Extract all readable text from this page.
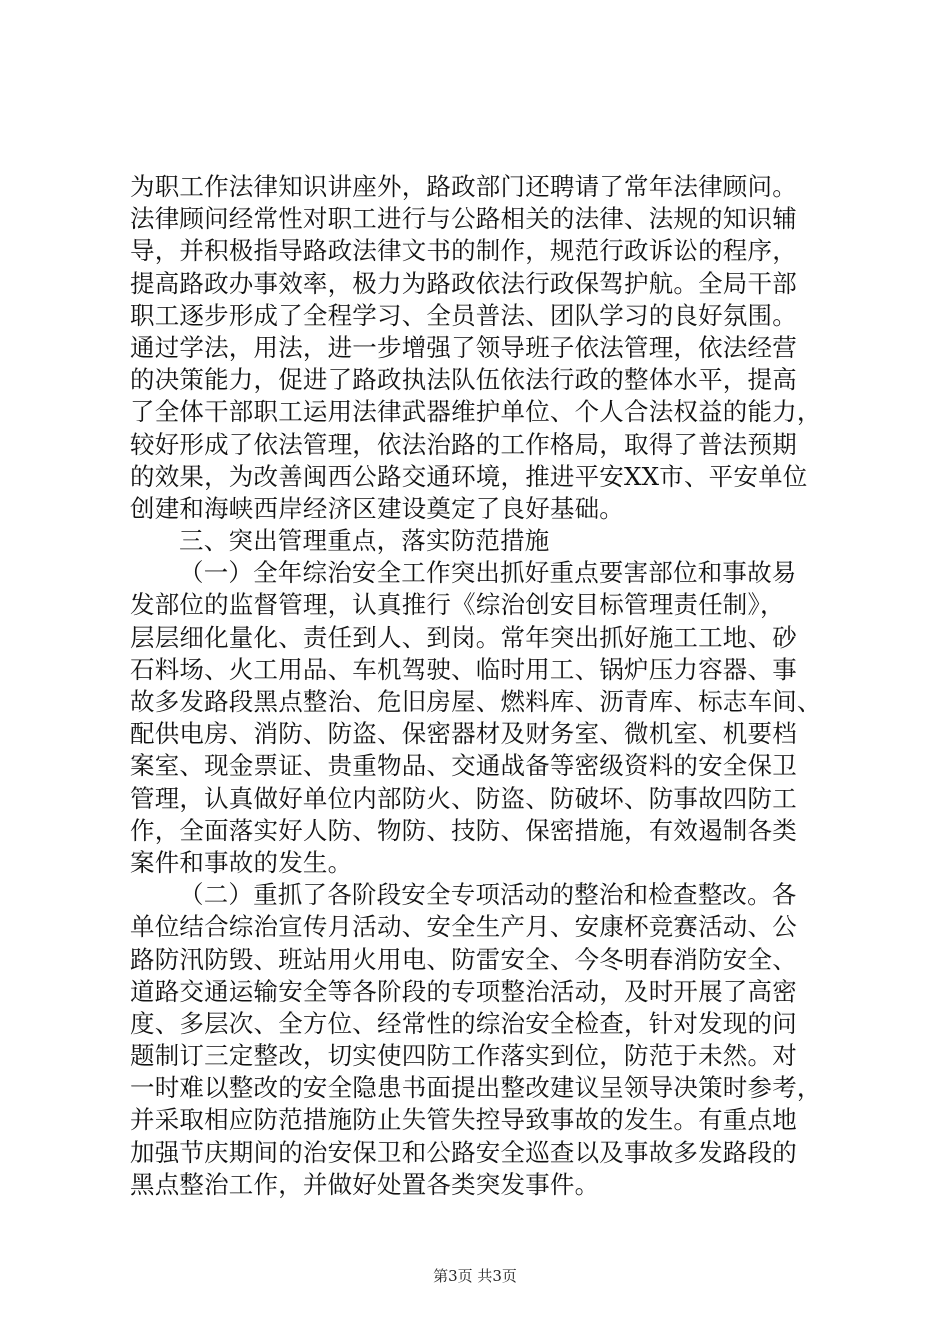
为职工作法律知识讲座外，路政部门还聘请了常年法律顾问。
法律顾问经常性对职工进行与公路相关的法律、法规的知识辅
导，并积极指导路政法律文书的制作，规范行政诉讼的程序，
提高路政办事效率，极力为路政依法行政保驾护航。全局干部
职工逐步形成了全程学习、全员普法、团队学习的良好氛围。
通过学法，用法，进一步增强了领导班子依法管理，依法经营
的决策能力，促进了路政执法队伍依法行政的整体水平，提高
了全体干部职工运用法律武器维护单位、个人合法权益的能力，
较好形成了依法管理，依法治路的工作格局，取得了普法预期
的效果，为改善闽西公路交通环境，推进平安XX市、平安单位
创建和海峡西岸经济区建设奠定了良好基础。
三、突出管理重点，落实防范措施
（一）全年综治安全工作突出抓好重点要害部位和事故易
发部位的监督管理，认真推行《综治创安目标管理责任制》，
层层细化量化、责任到人、到岗。常年突出抓好施工工地、砂
石料场、火工用品、车机驾驶、临时用工、锅炉压力容器、事
故多发路段黑点整治、危旧房屋、燃料库、沥青库、标志车间、
配供电房、消防、防盗、保密器材及财务室、微机室、机要档
案室、现金票证、贵重物品、交通战备等密级资料的安全保卫
管理，认真做好单位内部防火、防盗、防破坏、防事故四防工
作，全面落实好人防、物防、技防、保密措施，有效遏制各类
案件和事故的发生。
（二）重抓了各阶段安全专项活动的整治和检查整改。各
单位结合综治宣传月活动、安全生产月、安康杯竞赛活动、公
路防汛防毁、班站用火用电、防雷安全、今冬明春消防安全、
道路交通运输安全等各阶段的专项整治活动，及时开展了高密
度、多层次、全方位、经常性的综治安全检查，针对发现的问
题制订三定整改，切实使四防工作落实到位，防范于未然。对
一时难以整改的安全隐患书面提出整改建议呈领导决策时参考，
并采取相应防范措施防止失管失控导致事故的发生。有重点地
加强节庆期间的治安保卫和公路安全巡查以及事故多发路段的
黑点整治工作，并做好处置各类突发事件。
第3页 共3页
